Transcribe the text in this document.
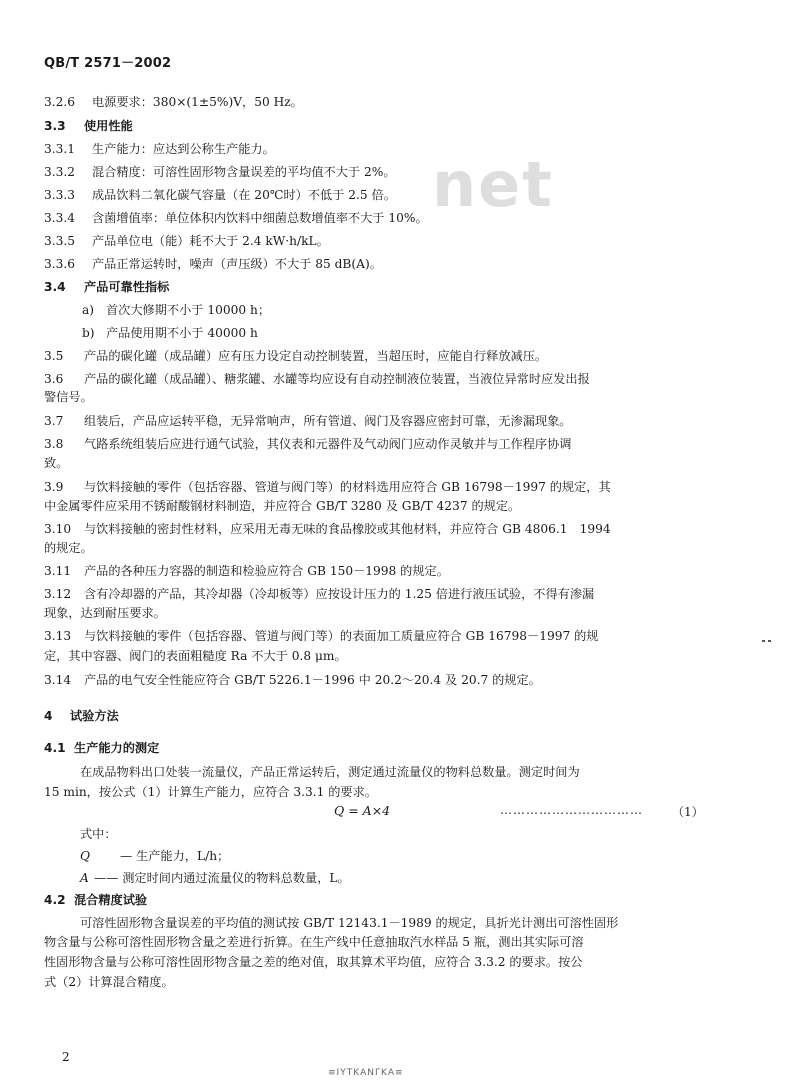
QB/T 2571－2002
net
3.2.6 电源要求：380×(1±5%)V，50 Hz。
3.3 使用性能
3.3.1 生产能力：应达到公称生产能力。
3.3.2 混合精度：可溶性固形物含量误差的平均值不大于 2%。
3.3.3 成品饮料二氧化碳气容量（在 20℃时）不低于 2.5 倍。
3.3.4 含菌增值率：单位体积内饮料中细菌总数增值率不大于 10%。
3.3.5 产品单位电（能）耗不大于 2.4 kW·h/kL。
3.3.6 产品正常运转时，噪声（声压级）不大于 85 dB(A)。
3.4 产品可靠性指标
a) 首次大修期不小于 10000 h；
b) 产品使用期不小于 40000 h
3.5 产品的碳化罐（成品罐）应有压力设定自动控制装置，当超压时，应能自行释放减压。
3.6 产品的碳化罐（成品罐）、糖浆罐、水罐等均应设有自动控制液位装置，当液位异常时应发出报
警信号。
3.7 组装后，产品应运转平稳，无异常响声，所有管道、阀门及容器应密封可靠，无渗漏现象。
3.8 气路系统组装后应进行通气试验，其仪表和元器件及气动阀门应动作灵敏并与工作程序协调
致。
3.9 与饮料接触的零件（包括容器、管道与阀门等）的材料选用应符合 GB 16798－1997 的规定，其
中金属零件应采用不锈耐酸钢材料制造，并应符合 GB/T 3280 及 GB/T 4237 的规定。
3.10 与饮料接触的密封性材料，应采用无毒无味的食品橡胶或其他材料，并应符合 GB 4806.1　1994
的规定。
3.11 产品的各种压力容器的制造和检验应符合 GB 150－1998 的规定。
3.12 含有冷却器的产品，其冷却器（冷却板等）应按设计压力的 1.25 倍进行液压试验，不得有渗漏
现象，达到耐压要求。
3.13 与饮料接触的零件（包括容器、管道与阀门等）的表面加工质量应符合 GB 16798－1997 的规
定，其中容器、阀门的表面粗糙度 Ra 不大于 0.8 μm。
3.14 产品的电气安全性能应符合 GB/T 5226.1－1996 中 20.2～20.4 及 20.7 的规定。
4 试验方法
4.1 生产能力的测定
在成品物料出口处装一流量仪，产品正常运转后，测定通过流量仪的物料总数量。测定时间为
15 min，按公式（1）计算生产能力，应符合 3.3.1 的要求。
Q = A×4	…………………………… （1）
式中：
Q — 生产能力，L/h；
A —— 测定时间内通过流量仪的物料总数量，L。
4.2 混合精度试验
可溶性固形物含量误差的平均值的测试按 GB/T 12143.1－1989 的规定，具折光计测出可溶性固形
物含量与公称可溶性固形物含量之差进行折算。在生产线中任意抽取汽水样品 5 瓶，测出其实际可溶
性固形物含量与公称可溶性固形物含量之差的绝对值，取其算术平均值，应符合 3.3.2 的要求。按公
式（2）计算混合精度。
2
≡ΙΥΤΚΑΝΓΚΑ≡
